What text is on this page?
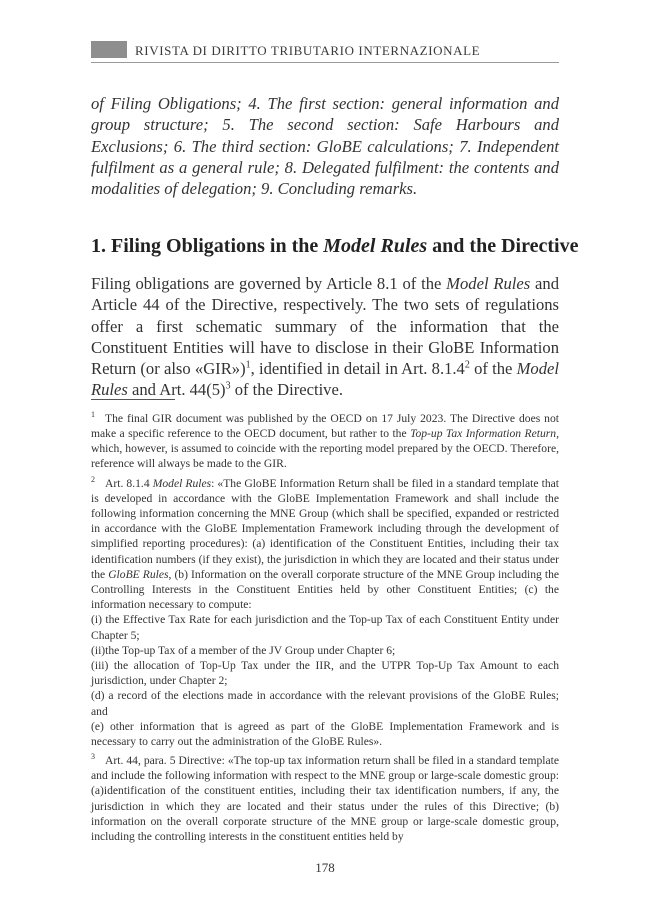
RIVISTA DI DIRITTO TRIBUTARIO INTERNAZIONALE

of Filing Obligations; 4. The first section: general information and group structure; 5. The second section: Safe Harbours and Exclusions; 6. The third section: GloBE calculations; 7. Independent fulfilment as a general rule; 8. Delegated fulfilment: the contents and modalities of delegation; 9. Concluding remarks.

1. Filing Obligations in the Model Rules and the Directive

Filing obligations are governed by Article 8.1 of the Model Rules and Article 44 of the Directive, respectively. The two sets of regulations offer a first schematic summary of the information that the Constituent Entities will have to disclose in their GloBE Information Return (or also «GIR»)$^1$, identified in detail in Art. 8.1.4$^2$ of the Model Rules and Art. $44(5)^3$ of the Directive.

$^1$ The final GIR document was published by the OECD on 17 July 2023. The Directive does not make a specific reference to the OECD document, but rather to the Top-up Tax Information Return, which, however, is assumed to coincide with the reporting model prepared by the OECD. Therefore, reference will always be made to the GIR.

$^2$ Art. 8.1.4 Model Rules: «The GloBE Information Return shall be filed in a standard template that is developed in accordance with the GloBE Implementation Framework and shall include the following information concerning the MNE Group (which shall be specified, expanded or restricted in accordance with the GloBE Implementation Framework including through the development of simplified reporting procedures): (a) identification of the Constituent Entities, including their tax identification numbers (if they exist), the jurisdiction in which they are located and their status under the GloBE Rules, (b) Information on the overall corporate structure of the MNE Group including the Controlling Interests in the Constituent Entities held by other Constituent Entities; (c) the information necessary to compute:

(i) the Effective Tax Rate for each jurisdiction and the Top-up Tax of each Constituent Entity under Chapter 5;

(ii)the Top-up Tax of a member of the JV Group under Chapter 6;

(iii) the allocation of Top-Up Tax under the IIR, and the UTPR Top-Up Tax Amount to each jurisdiction, under Chapter 2;

(d) a record of the elections made in accordance with the relevant provisions of the GloBE Rules; and

(e) other information that is agreed as part of the GloBE Implementation Framework and is necessary to carry out the administration of the GloBE Rules».

$^3$ Art. 44, para. 5 Directive: «The top-up tax information return shall be filed in a standard template and include the following information with respect to the MNE group or large-scale domestic group: (a)identification of the constituent entities, including their tax identification numbers, if any, the jurisdiction in which they are located and their status under the rules of this Directive; (b) information on the overall corporate structure of the MNE group or large-scale domestic group, including the controlling interests in the constituent entities held by

178
